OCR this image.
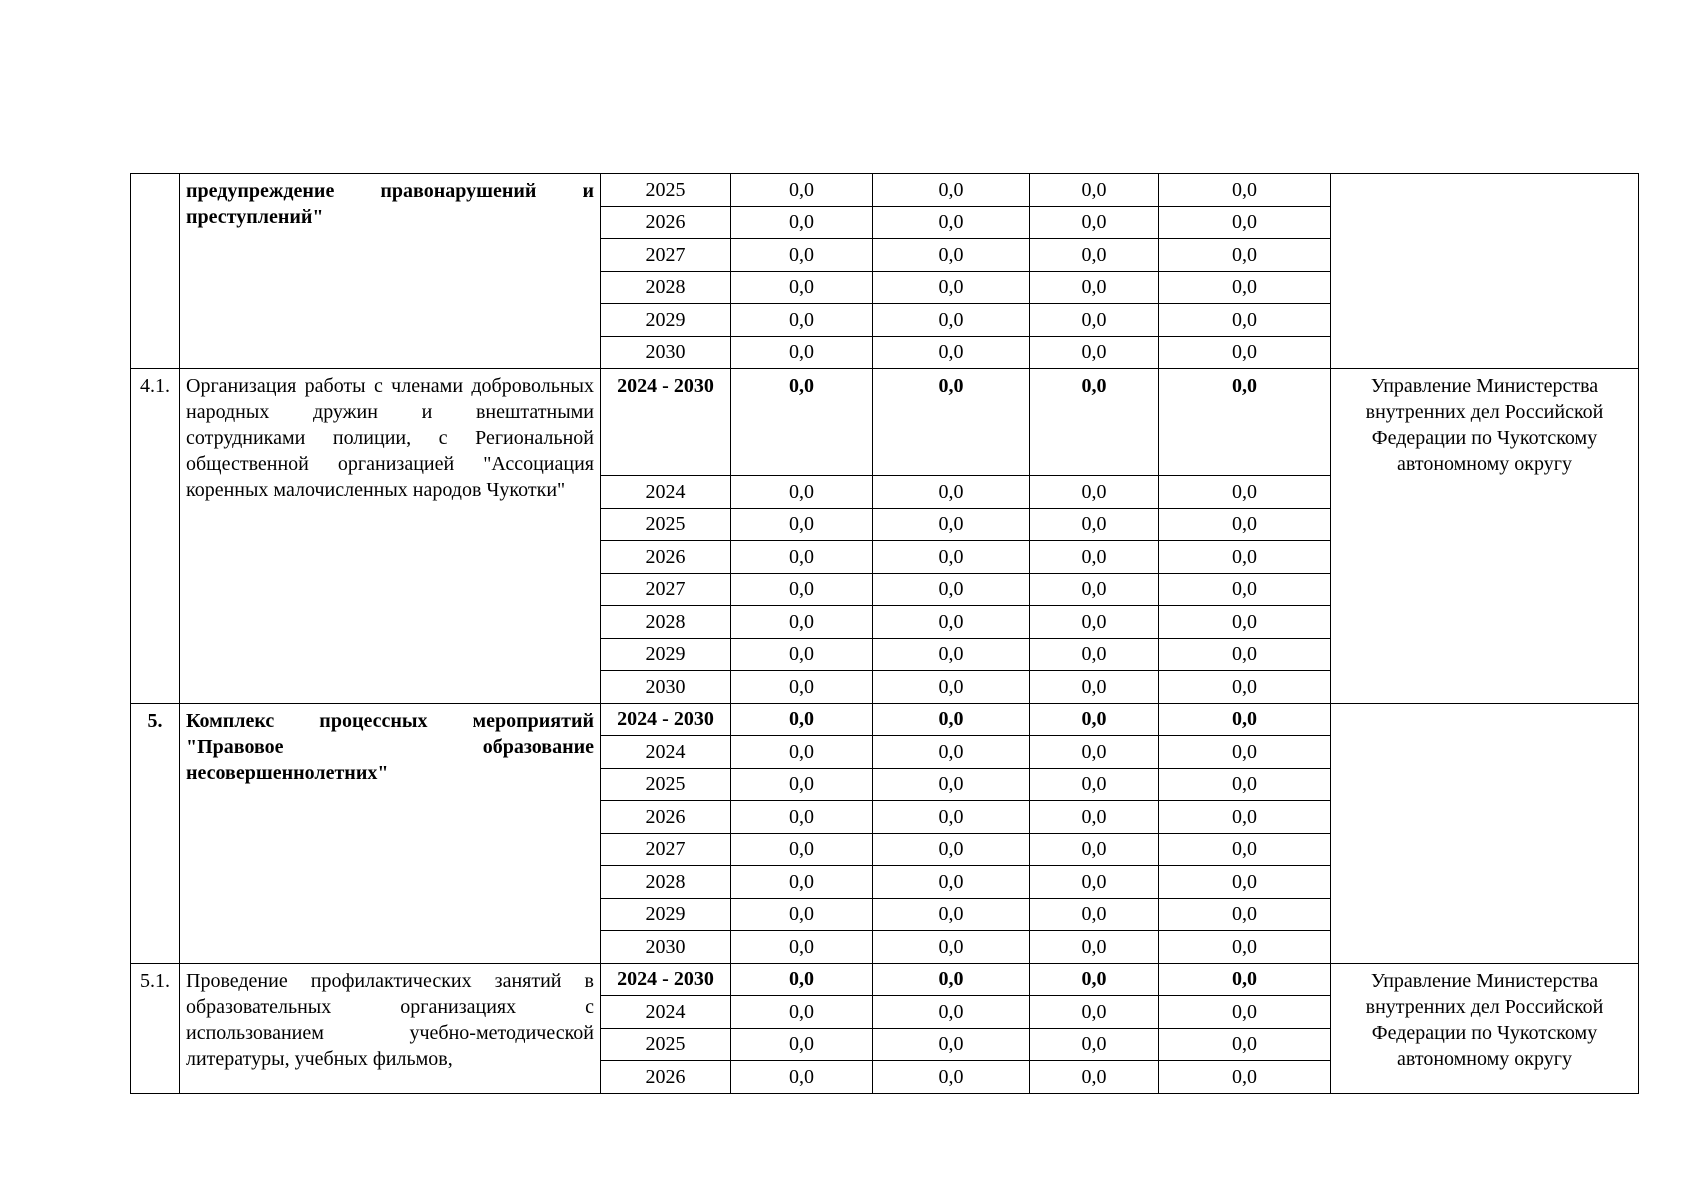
	предупреждение правонарушений и преступлений"	2025	0,0	0,0	0,0	0,0	
		2026	0,0	0,0	0,0	0,0	
		2027	0,0	0,0	0,0	0,0	
		2028	0,0	0,0	0,0	0,0	
		2029	0,0	0,0	0,0	0,0	
		2030	0,0	0,0	0,0	0,0	
4.1.	Организация работы с членами добровольных народных дружин и внештатными сотрудниками полиции, с Региональной общественной организацией "Ассоциация коренных малочисленных народов Чукотки"	2024 - 2030	0,0	0,0	0,0	0,0	Управление Министерства внутренних дел Российской Федерации по Чукотскому автономному округу
		2024	0,0	0,0	0,0	0,0	
		2025	0,0	0,0	0,0	0,0	
		2026	0,0	0,0	0,0	0,0	
		2027	0,0	0,0	0,0	0,0	
		2028	0,0	0,0	0,0	0,0	
		2029	0,0	0,0	0,0	0,0	
		2030	0,0	0,0	0,0	0,0	
5.	Комплекс процессных мероприятий "Правовое образование несовершеннолетних"	2024 - 2030	0,0	0,0	0,0	0,0	
		2024	0,0	0,0	0,0	0,0	
		2025	0,0	0,0	0,0	0,0	
		2026	0,0	0,0	0,0	0,0	
		2027	0,0	0,0	0,0	0,0	
		2028	0,0	0,0	0,0	0,0	
		2029	0,0	0,0	0,0	0,0	
		2030	0,0	0,0	0,0	0,0	
5.1.	Проведение профилактических занятий в образовательных организациях с использованием учебно-методической литературы, учебных фильмов,	2024 - 2030	0,0	0,0	0,0	0,0	Управление Министерства внутренних дел Российской Федерации по Чукотскому автономному округу
		2024	0,0	0,0	0,0	0,0	
		2025	0,0	0,0	0,0	0,0	
		2026	0,0	0,0	0,0	0,0	
